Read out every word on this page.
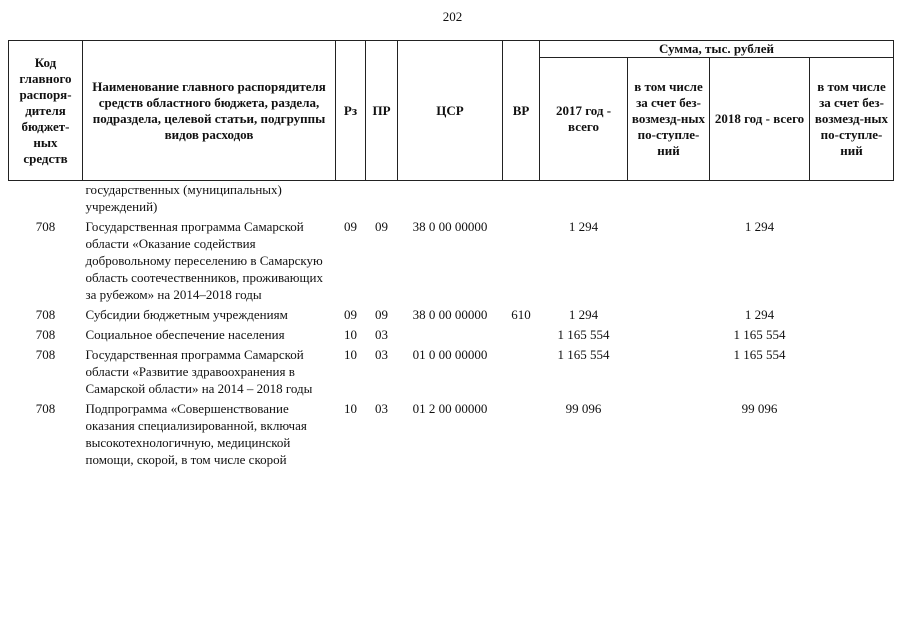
202
Код главного распоря-дителя бюджет-ных средств	Наименование главного распорядителя средств областного бюджета, раздела, подраздела, целевой статьи, подгруппы видов расходов	Рз	ПР	ЦСР	ВР	Сумма, тыс. рублей			
						2017 год - всего	в том числе за счет без-возмезд-ных по-ступле-ний	2018 год - всего	в том числе за счет без-возмезд-ных по-ступле-ний
	государственных (муниципальных) учреждений)								
708	Государственная программа Самарской области «Оказание содействия добровольному переселению в Самарскую область соотечественников, проживающих за рубежом» на 2014–2018 годы	09	09	38 0 00 00000		1 294		1 294	
708	Субсидии бюджетным учреждениям	09	09	38 0 00 00000	610	1 294		1 294	
708	Социальное обеспечение населения	10	03			1 165 554		1 165 554	
708	Государственная программа Самарской области «Развитие здравоохранения в Самарской области» на 2014 – 2018 годы	10	03	01 0 00 00000		1 165 554		1 165 554	
708	Подпрограмма «Совершенствование оказания специализированной, включая высокотехнологичную, медицинской помощи, скорой, в том числе скорой	10	03	01 2 00 00000		99 096		99 096	
